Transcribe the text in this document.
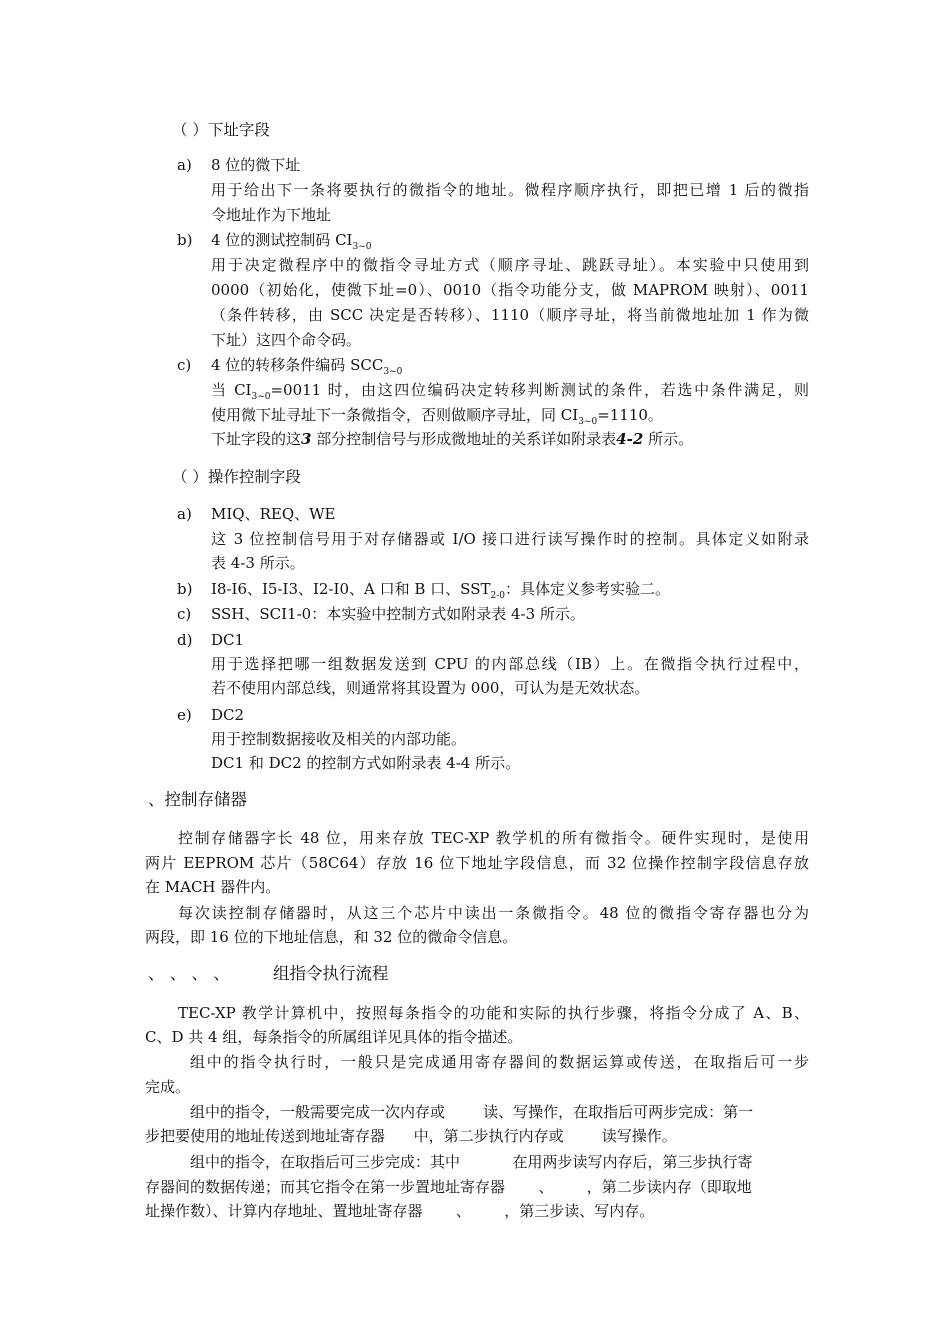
（ ）下址字段
a) 8 位的微下址
用于给出下一条将要执行的微指令的地址。微程序顺序执行，即把已增 1 后的微指
令地址作为下地址
b) 4 位的测试控制码 $CI_{3\sim 0}$
用于决定微程序中的微指令寻址方式（顺序寻址、跳跃寻址）。本实验中只使用到
0000（初始化，使微下址=0）、0010（指令功能分支，做 MAPROM 映射）、0011
（条件转移，由 SCC 决定是否转移）、1110（顺序寻址，将当前微地址加 1 作为微
下址）这四个命令码。
c) 4 位的转移条件编码 $SCC_{3\sim 0}$
当 $CI_{3\sim 0}=0011$ 时，由这四位编码决定转移判断测试的条件，若选中条件满足，则
使用微下址寻址下一条微指令，否则做顺序寻址，同 $CI_{3\sim 0}=1110$。
下址字段的这3 部分控制信号与形成微地址的关系详如附录表4-2 所示。
（ ）操作控制字段
a) MIQ、REQ、WE
这 3 位控制信号用于对存储器或 I/O 接口进行读写操作时的控制。具体定义如附录
表 4-3 所示。
b) I8-I6、I5-I3、I2-I0、A 口和 B 口、$SST_{2-0}$：具体定义参考实验二。
c) SSH、SCI1-0：本实验中控制方式如附录表 4-3 所示。
d) DC1
用于选择把哪一组数据发送到 CPU 的内部总线（IB）上。在微指令执行过程中，
若不使用内部总线，则通常将其设置为 000，可认为是无效状态。
e) DC2
用于控制数据接收及相关的内部功能。
DC1 和 DC2 的控制方式如附录表 4-4 所示。
、控制存储器
控制存储器字长 48 位，用来存放 TEC-XP 教学机的所有微指令。硬件实现时，是使用
两片 EEPROM 芯片（58C64）存放 16 位下地址字段信息，而 32 位操作控制字段信息存放
在 MACH 器件内。
每次读控制存储器时，从这三个芯片中读出一条微指令。48 位的微指令寄存器也分为
两段，即 16 位的下地址信息，和 32 位的微命令信息。
、 、 、 、	组指令执行流程
TEC-XP 教学计算机中，按照每条指令的功能和实际的执行步骤，将指令分成了 A、B、
C、D 共 4 组，每条指令的所属组详见具体的指令描述。
组中的指令执行时，一般只是完成通用寄存器间的数据运算或传送，在取指后可一步
完成。
组中的指令，一般需要完成一次内存或        读、写操作，在取指后可两步完成：第一
步把要使用的地址传送到地址寄存器      中，第二步执行内存或        读写操作。
组中的指令，在取指后可三步完成：其中           在用两步读写内存后，第三步执行寄
存器间的数据传递；而其它指令在第一步置地址寄存器       、       ，第二步读内存（即取地
址操作数）、计算内存地址、置地址寄存器       、       ，第三步读、写内存。
